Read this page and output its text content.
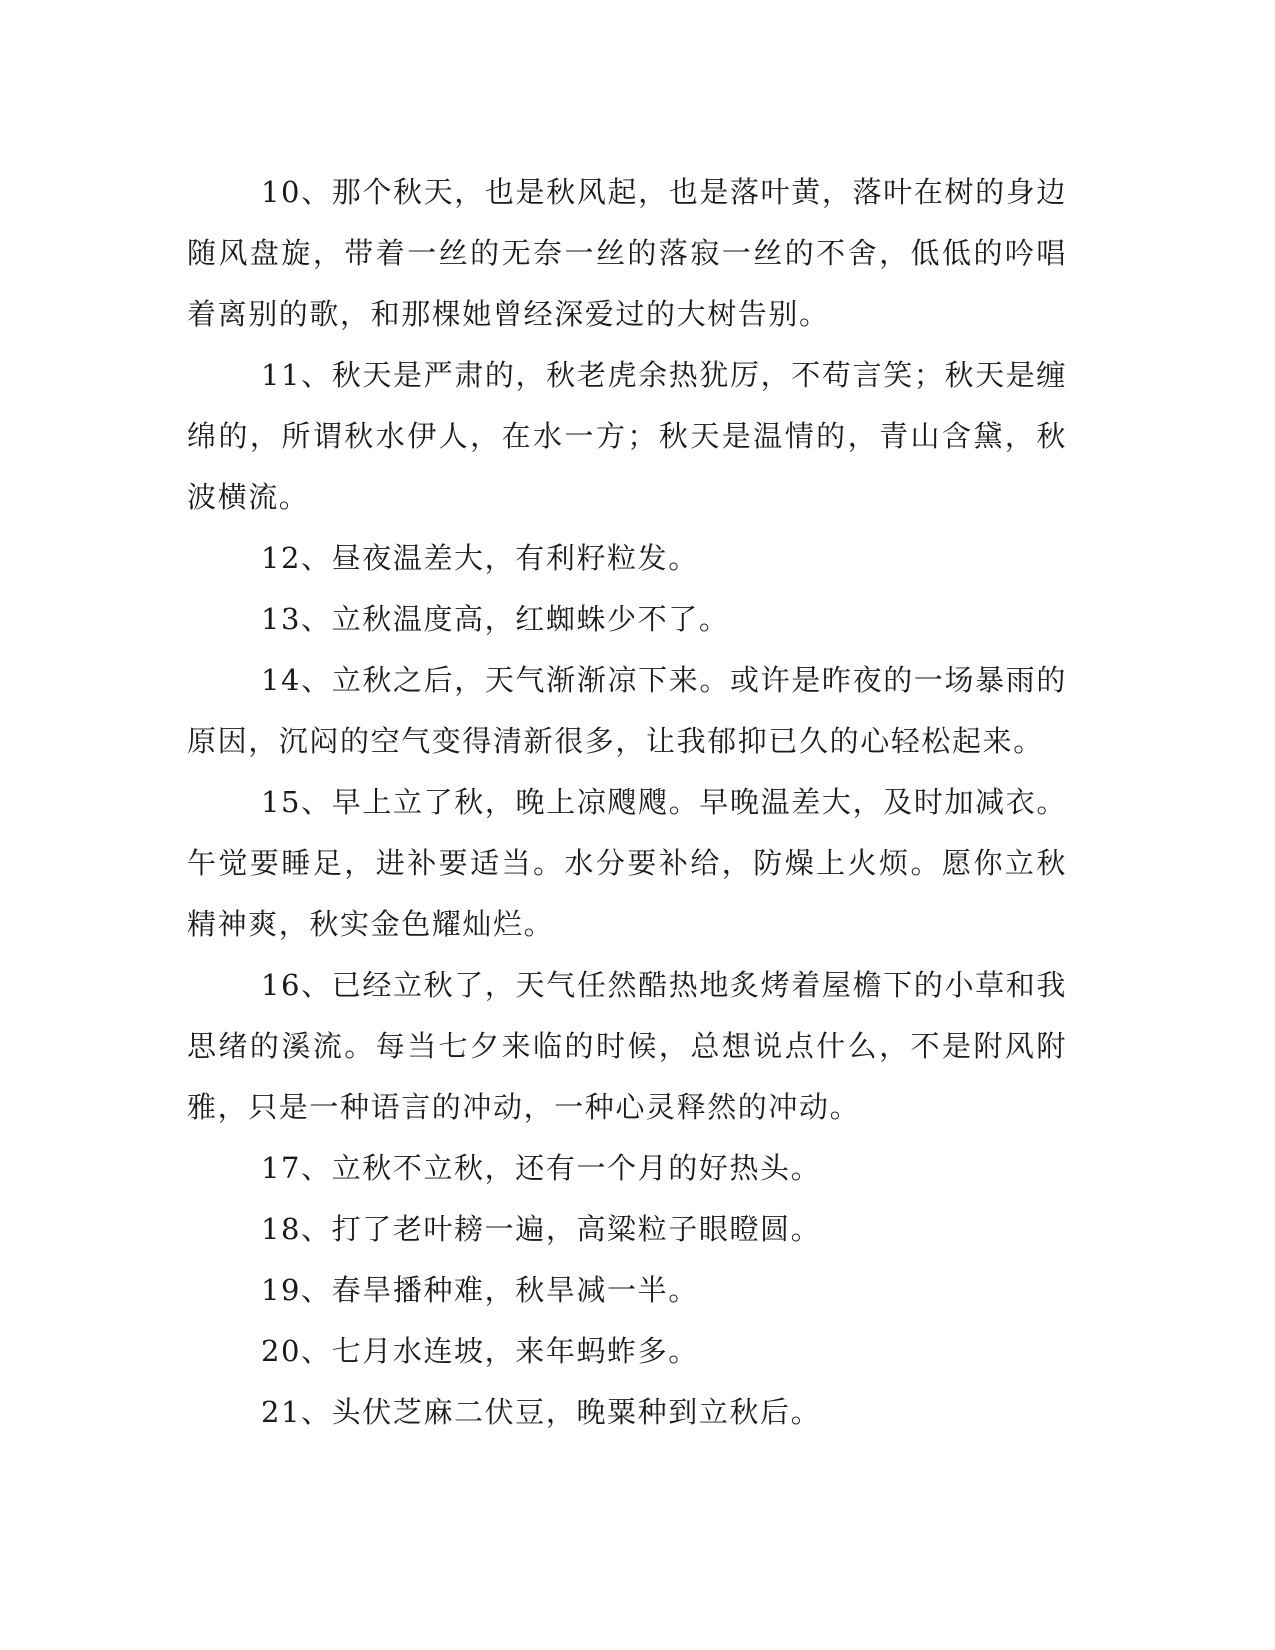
10、那个秋天，也是秋风起，也是落叶黄，落叶在树的身边随风盘旋，带着一丝的无奈一丝的落寂一丝的不舍，低低的吟唱着离别的歌，和那棵她曾经深爱过的大树告别。

11、秋天是严肃的，秋老虎余热犹厉，不苟言笑；秋天是缠绵的，所谓秋水伊人，在水一方；秋天是温情的，青山含黛，秋波横流。

12、昼夜温差大，有利籽粒发。

13、立秋温度高，红蜘蛛少不了。

14、立秋之后，天气渐渐凉下来。或许是昨夜的一场暴雨的原因，沉闷的空气变得清新很多，让我郁抑已久的心轻松起来。

15、早上立了秋，晚上凉飕飕。早晚温差大，及时加减衣。午觉要睡足，进补要适当。水分要补给，防燥上火烦。愿你立秋精神爽，秋实金色耀灿烂。

16、已经立秋了，天气任然酷热地炙烤着屋檐下的小草和我思绪的溪流。每当七夕来临的时候，总想说点什么，不是附风附雅，只是一种语言的冲动，一种心灵释然的冲动。

17、立秋不立秋，还有一个月的好热头。

18、打了老叶耪一遍，高粱粒子眼瞪圆。

19、春旱播种难，秋旱减一半。

20、七月水连坡，来年蚂蚱多。

21、头伏芝麻二伏豆，晚粟种到立秋后。
